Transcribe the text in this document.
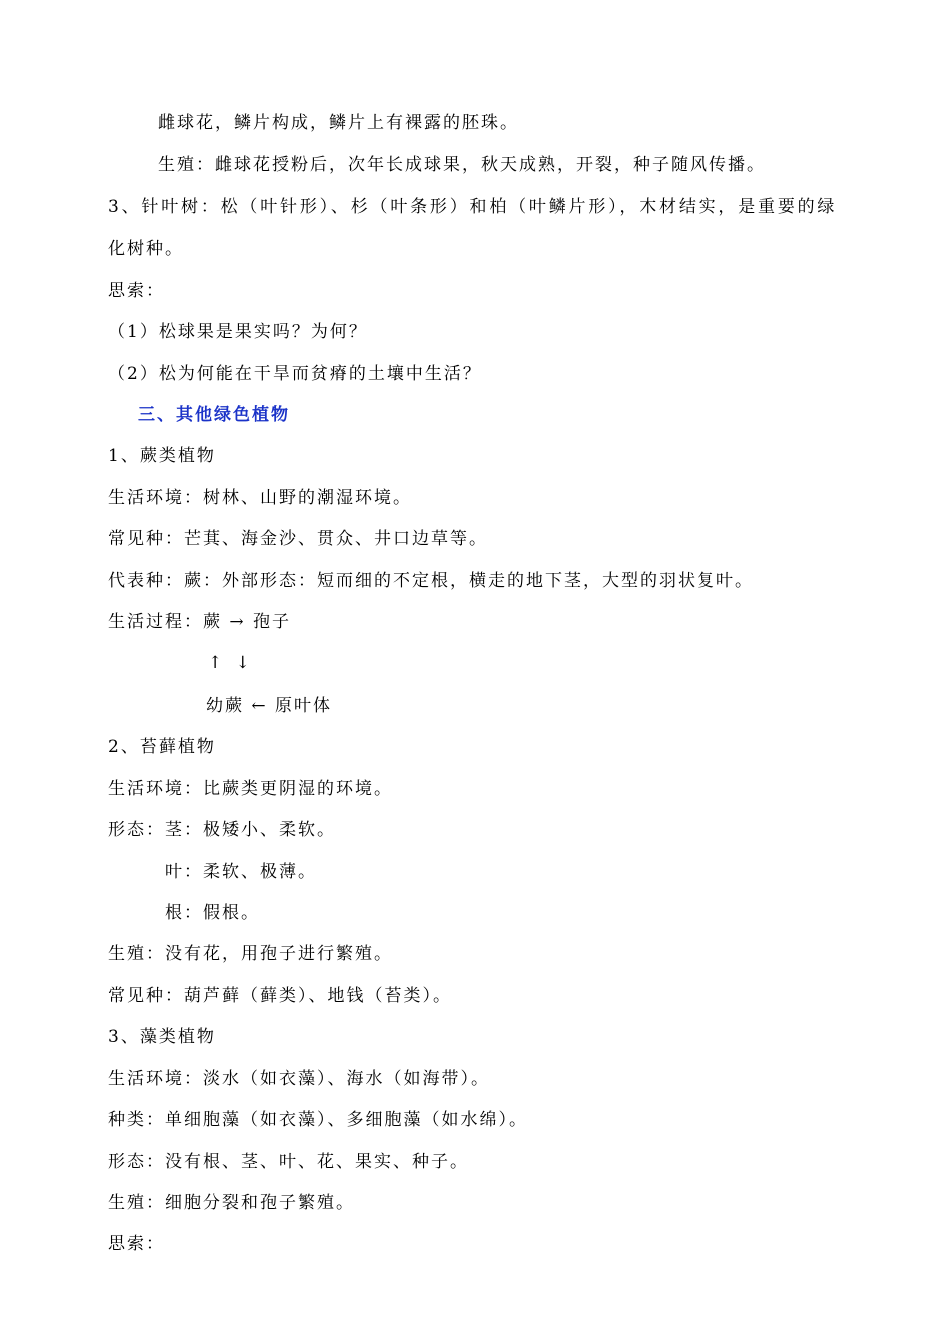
雌球花，鳞片构成，鳞片上有裸露的胚珠。
生殖：雌球花授粉后，次年长成球果，秋天成熟，开裂，种子随风传播。
3、针叶树：松（叶针形）、杉（叶条形）和柏（叶鳞片形），木材结实，是重要的绿
化树种。
思索：
（1）松球果是果实吗？为何？
（2）松为何能在干旱而贫瘠的土壤中生活？
三、其他绿色植物
1、蕨类植物
生活环境：树林、山野的潮湿环境。
常见种：芒萁、海金沙、贯众、井口边草等。
代表种：蕨：外部形态：短而细的不定根，横走的地下茎，大型的羽状复叶。
生活过程：蕨 → 孢子
↑ ↓
幼蕨 ← 原叶体
2、苔藓植物
生活环境：比蕨类更阴湿的环境。
形态：茎：极矮小、柔软。
叶：柔软、极薄。
根：假根。
生殖：没有花，用孢子进行繁殖。
常见种：葫芦藓（藓类）、地钱（苔类）。
3、藻类植物
生活环境：淡水（如衣藻）、海水（如海带）。
种类：单细胞藻（如衣藻）、多细胞藻（如水绵）。
形态：没有根、茎、叶、花、果实、种子。
生殖：细胞分裂和孢子繁殖。
思索：
